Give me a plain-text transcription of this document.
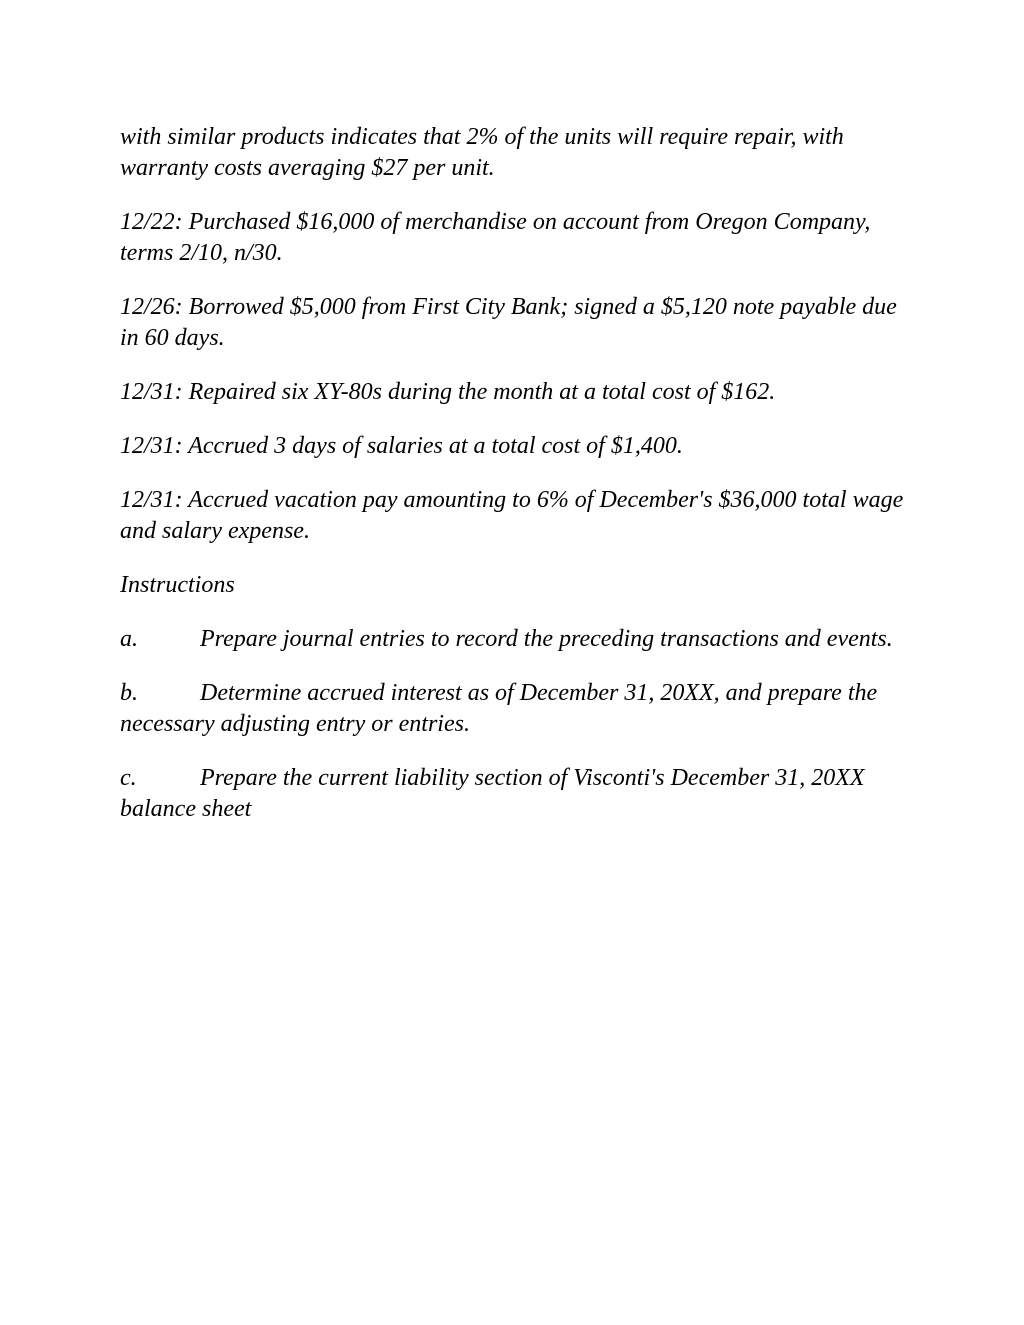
with similar products indicates that 2% of the units will require repair, with warranty costs averaging $27 per unit.

12/22: Purchased $16,000 of merchandise on account from Oregon Company, terms 2/10, n/30.

12/26: Borrowed $5,000 from First City Bank; signed a $5,120 note payable due in 60 days.

12/31: Repaired six XY-80s during the month at a total cost of $162.

12/31: Accrued 3 days of salaries at a total cost of $1,400.

12/31: Accrued vacation pay amounting to 6% of December's $36,000 total wage and salary expense.

Instructions

a.	Prepare journal entries to record the preceding transactions and events.

b.	Determine accrued interest as of December 31, 20XX, and prepare the necessary adjusting entry or entries.

c.	Prepare the current liability section of Visconti's December 31, 20XX balance sheet
